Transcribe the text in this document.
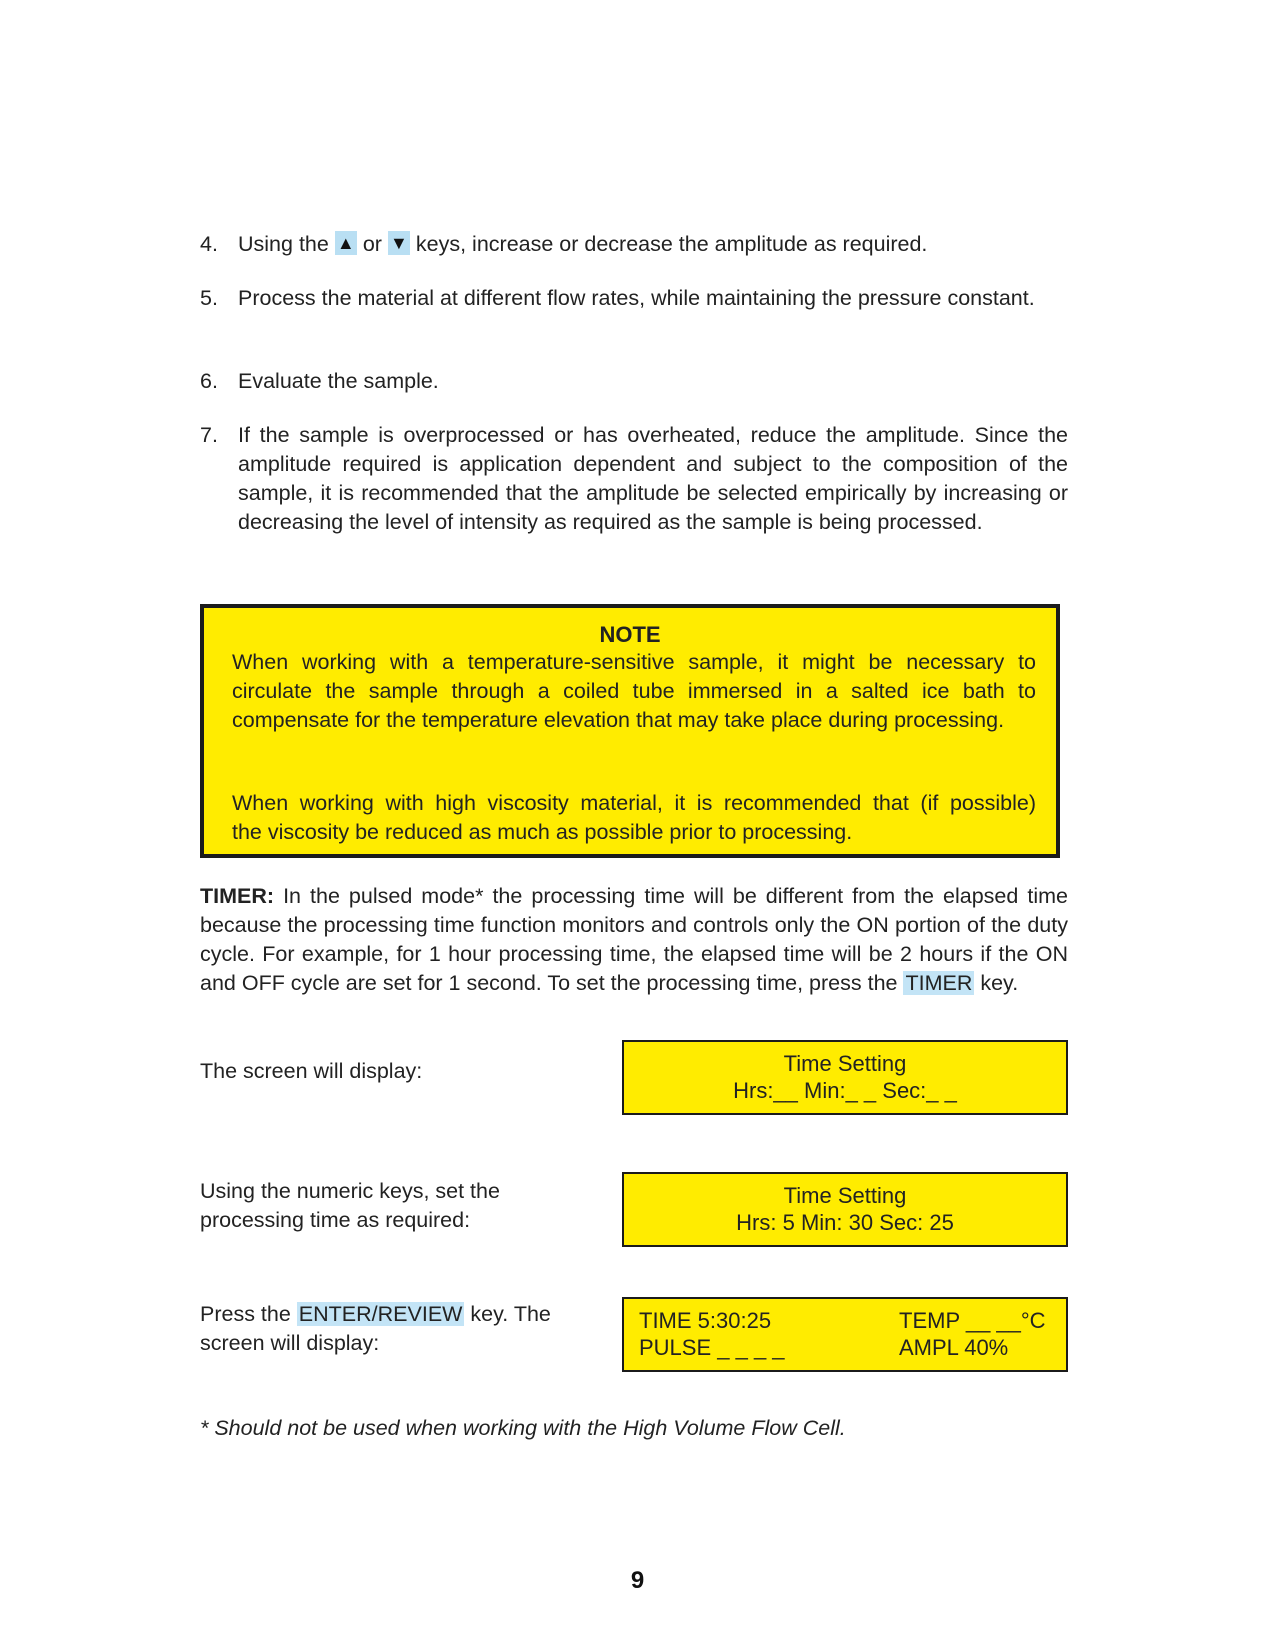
4. Using the ▲ or ▼ keys, increase or decrease the amplitude as required.
5. Process the material at different flow rates, while maintaining the pressure constant.
6. Evaluate the sample.
7. If the sample is overprocessed or has overheated, reduce the amplitude. Since the amplitude required is application dependent and subject to the composition of the sample, it is recommended that the amplitude be selected empirically by increasing or decreasing the level of intensity as required as the sample is being processed.
NOTE
When working with a temperature-sensitive sample, it might be necessary to circulate the sample through a coiled tube immersed in a salted ice bath to compensate for the temperature elevation that may take place during processing.
When working with high viscosity material, it is recommended that (if possible)
the viscosity be reduced as much as possible prior to processing.
TIMER: In the pulsed mode* the processing time will be different from the elapsed time because the processing time function monitors and controls only the ON portion of the duty cycle. For example, for 1 hour processing time, the elapsed time will be 2 hours if the ON and OFF cycle are set for 1 second. To set the processing time, press the TIMER key.
The screen will display:	Time Setting
Hrs:__ Min:_ _ Sec:_ _
Using the numeric keys, set the
processing time as required:
Time Setting
Hrs: 5 Min: 30 Sec: 25
Press the ENTER/REVIEW key. The
screen will display:
TIME 5:30:25
PULSE _ _ _ _
TEMP __ __°C
AMPL 40%
* Should not be used when working with the High Volume Flow Cell.
9
